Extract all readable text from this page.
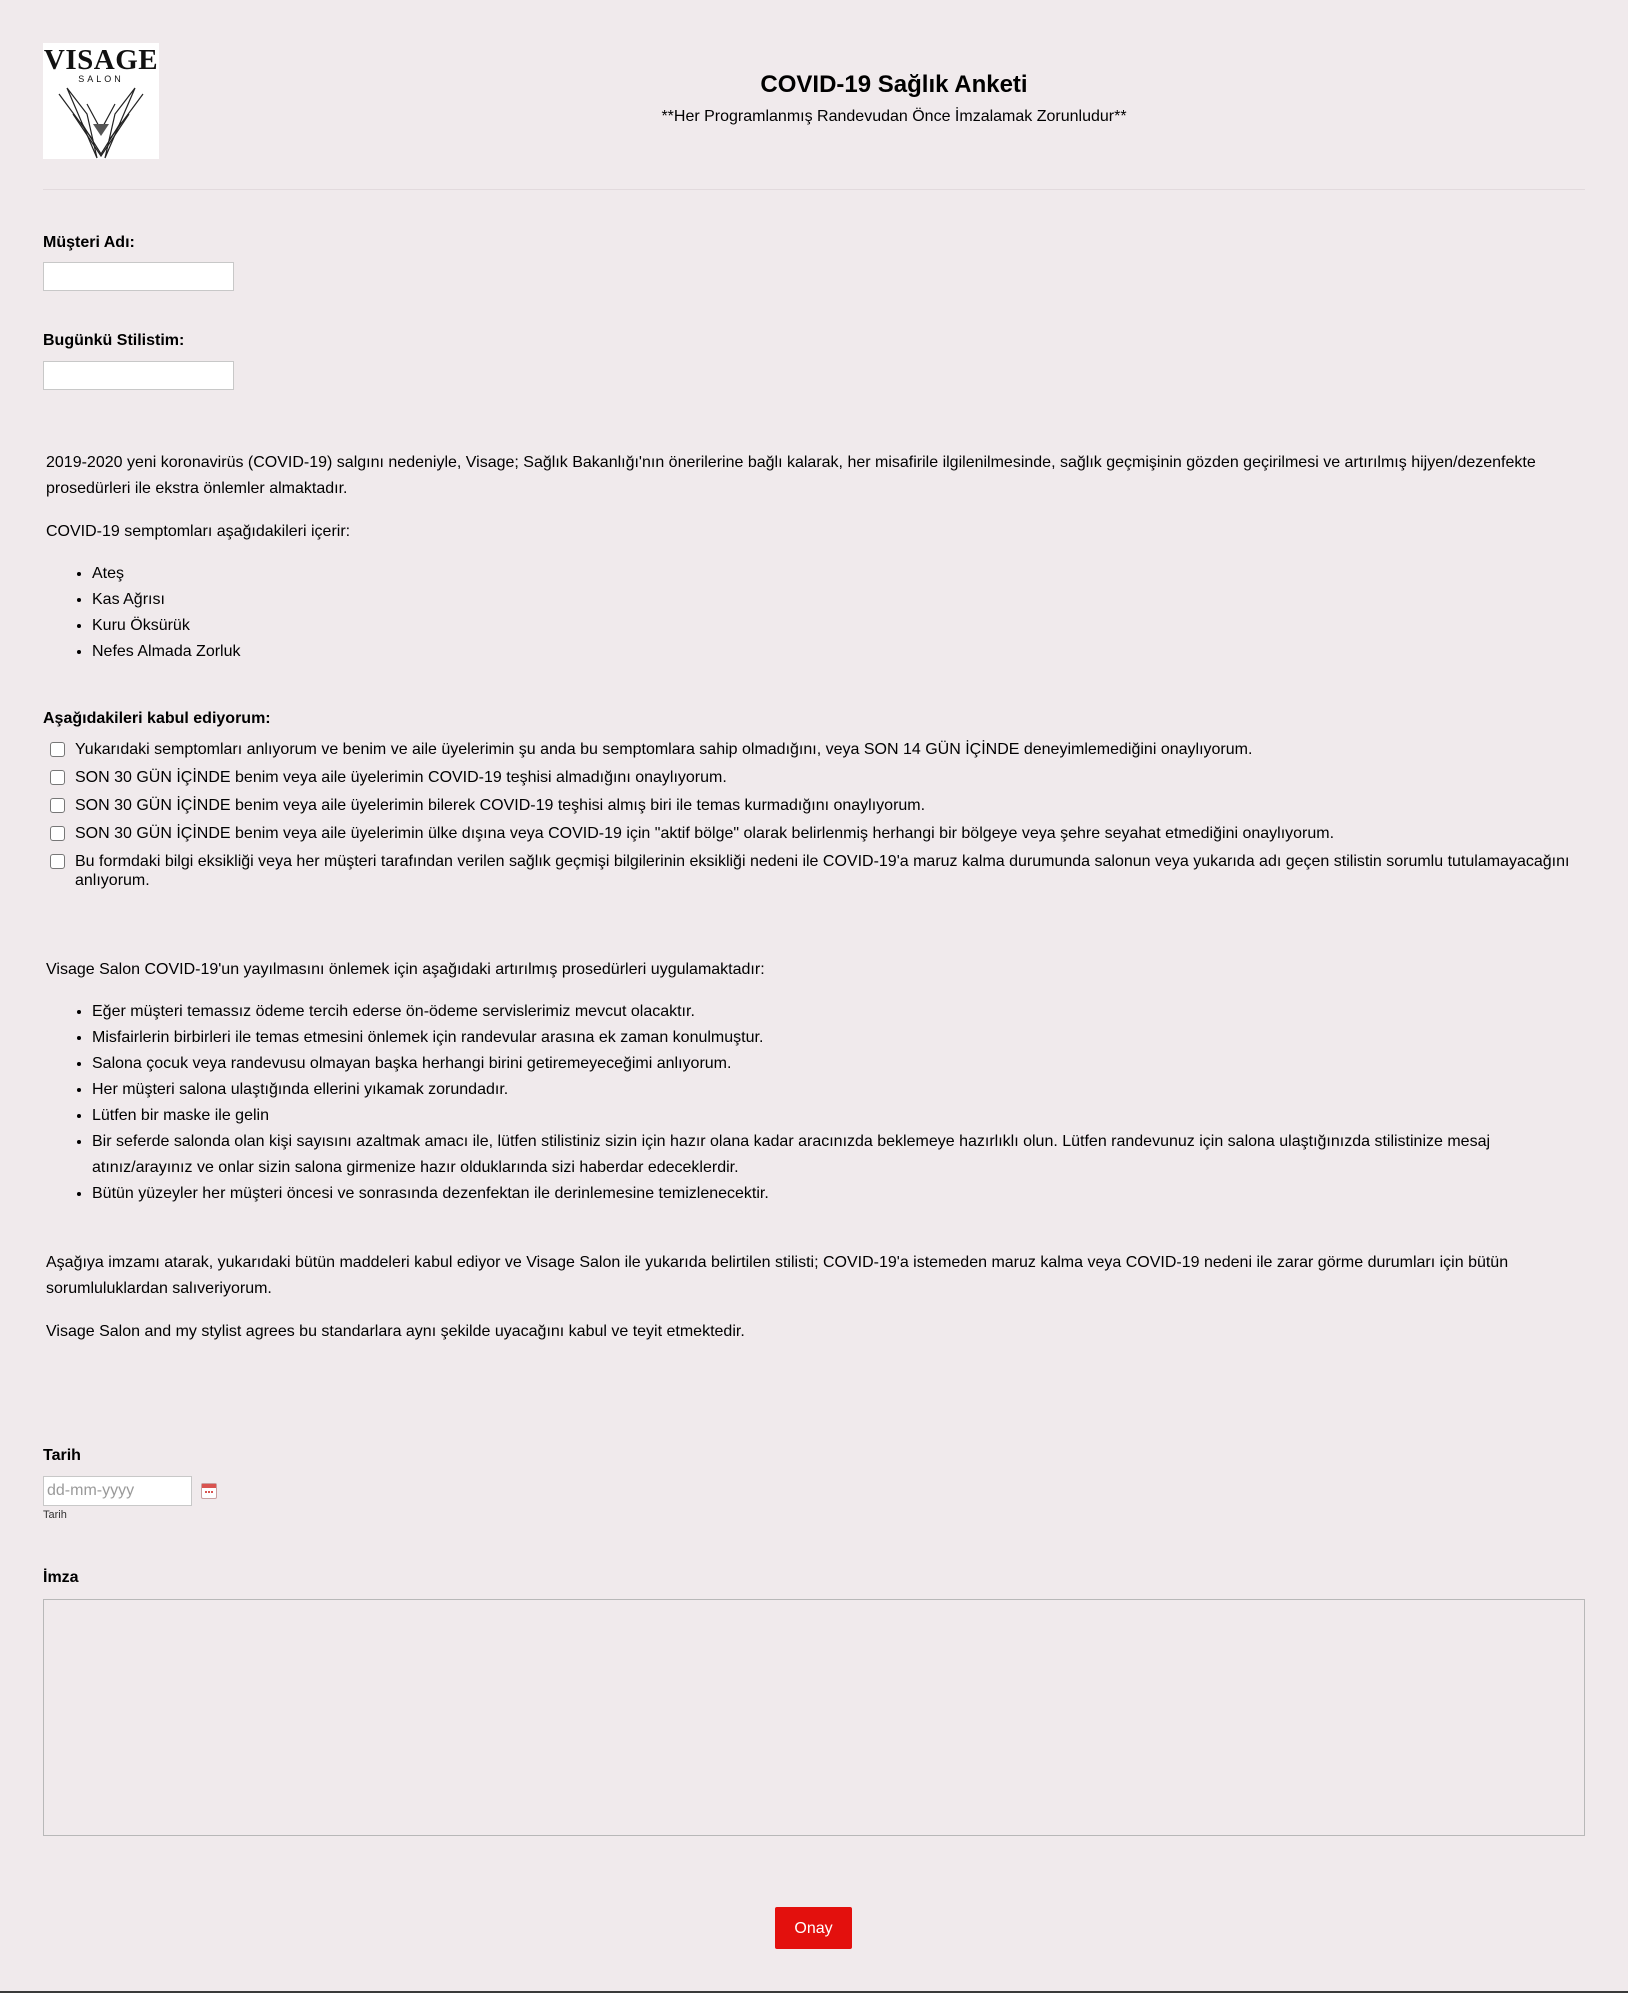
VISAGE
SALON	COVID-19 Sağlık Anketi
**Her Programlanmış Randevudan Önce İmzalamak Zorunludur**
Müşteri Adı:
Bugünkü Stilistim:
2019-2020 yeni koronavirüs (COVID-19) salgını nedeniyle, Visage; Sağlık Bakanlığı'nın önerilerine bağlı kalarak, her misafirile ilgilenilmesinde, sağlık geçmişinin gözden geçirilmesi ve artırılmış hijyen/dezenfekte prosedürleri ile ekstra önlemler almaktadır.
COVID-19 semptomları aşağıdakileri içerir:
• Ateş
• Kas Ağrısı
• Kuru Öksürük
• Nefes Almada Zorluk
Aşağıdakileri kabul ediyorum:
Yukarıdaki semptomları anlıyorum ve benim ve aile üyelerimin şu anda bu semptomlara sahip olmadığını, veya SON 14 GÜN İÇİNDE deneyimlemediğini onaylıyorum.
SON 30 GÜN İÇİNDE benim veya aile üyelerimin COVID-19 teşhisi almadığını onaylıyorum.
SON 30 GÜN İÇİNDE benim veya aile üyelerimin bilerek COVID-19 teşhisi almış biri ile temas kurmadığını onaylıyorum.
SON 30 GÜN İÇİNDE benim veya aile üyelerimin ülke dışına veya COVID-19 için "aktif bölge" olarak belirlenmiş herhangi bir bölgeye veya şehre seyahat etmediğini onaylıyorum.
Bu formdaki bilgi eksikliği veya her müşteri tarafından verilen sağlık geçmişi bilgilerinin eksikliği nedeni ile COVID-19'a maruz kalma durumunda salonun veya yukarıda adı geçen stilistin sorumlu tutulamayacağını anlıyorum.
Visage Salon COVID-19'un yayılmasını önlemek için aşağıdaki artırılmış prosedürleri uygulamaktadır:
• Eğer müşteri temassız ödeme tercih ederse ön-ödeme servislerimiz mevcut olacaktır.
• Misfairlerin birbirleri ile temas etmesini önlemek için randevular arasına ek zaman konulmuştur.
• Salona çocuk veya randevusu olmayan başka herhangi birini getiremeyeceğimi anlıyorum.
• Her müşteri salona ulaştığında ellerini yıkamak zorundadır.
• Lütfen bir maske ile gelin
• Bir seferde salonda olan kişi sayısını azaltmak amacı ile, lütfen stilistiniz sizin için hazır olana kadar aracınızda beklemeye hazırlıklı olun. Lütfen randevunuz için salona ulaştığınızda stilistinize mesaj atınız/arayınız ve onlar sizin salona girmenize hazır olduklarında sizi haberdar edeceklerdir.
• Bütün yüzeyler her müşteri öncesi ve sonrasında dezenfektan ile derinlemesine temizlenecektir.
Aşağıya imzamı atarak, yukarıdaki bütün maddeleri kabul ediyor ve Visage Salon ile yukarıda belirtilen stilisti; COVID-19'a istemeden maruz kalma veya COVID-19 nedeni ile zarar görme durumları için bütün sorumluluklardan salıveriyorum.
Visage Salon and my stylist agrees bu standarlara aynı şekilde uyacağını kabul ve teyit etmektedir.
Tarih
dd-mm-yyyy
Tarih
İmza
Onay
